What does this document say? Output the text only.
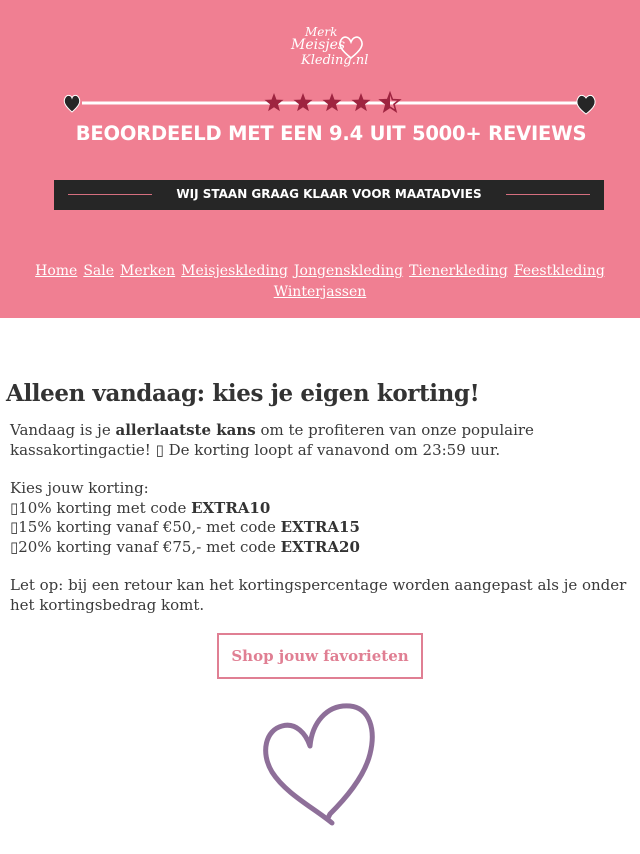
Merk
Meisjes
Kleding.nl
BEOORDEELD MET EEN 9.4 UIT 5000+ REVIEWS
WIJ STAAN GRAAG KLAAR VOOR MAATADVIES
Home Sale Merken Meisjeskleding Jongenskleding Tienerkleding Feestkleding
Winterjassen
Alleen vandaag: kies je eigen korting!

Vandaag is je allerlaatste kans om te profiteren van onze populaire kassakortingactie! ▯ De korting loopt af vanavond om 23:59 uur.

Kies jouw korting:

▯10% korting met code EXTRA10

▯15% korting vanaf €50,- met code EXTRA15

▯20% korting vanaf €75,- met code EXTRA20

Let op: bij een retour kan het kortingspercentage worden aangepast als je onder het kortingsbedrag komt.

Shop jouw favorieten
